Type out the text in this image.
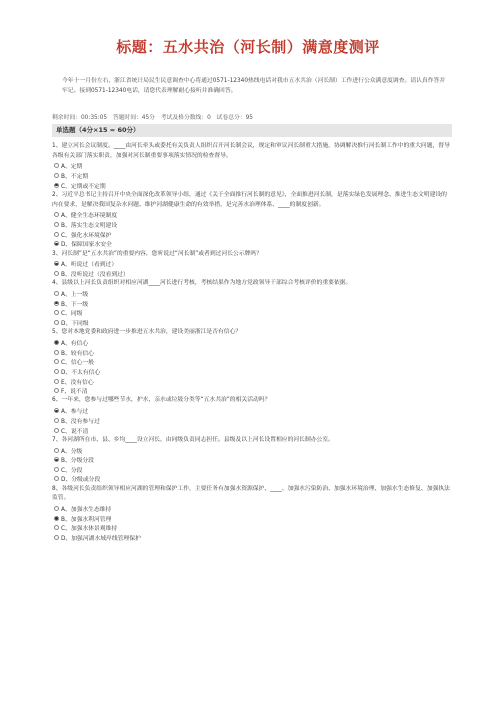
标题：五水共治（河长制）满意度测评
今年十一月份左右，浙江省统计局民生民意调查中心将通过0571-12340热线电话对我市五水共治（河长制）工作进行公众满意度调查。请认真作答并牢记。接到0571-12340电话，请您代表理解耐心接听并准确回答。
剩余时间：00:35:05　答题时间：45分　考试及格分数线：0　试卷总分：95
单选题（4分×15 = 60分）

1、建立河长会议制度。____由河长牵头或委托有关负责人组织召开河长制会议，规定和审议河长制重大措施，协调解决推行河长制工作中的重大问题，督导各级有关部门落实职责，加强对河长制重要事项落实情况的检查督导。

A、定期
B、不定期
C、定期或不定期

2、习近平总书记主持召开中央全面深化改革领导小组，通过《关于全面推行河长制的意见》，全面推进河长制，是落实绿色发展理念、推进生态文明建设的内在要求，是解决我国复杂水问题、维护河湖健康生命的有效举措，是完善水治理体系、____的制度创新。

A、健全生态环境制度
B、落实生态文明建设
C、强化水环境保护
D、保障国家水安全

3、河长制”是“五水共治”的重要内容，您听说过“河长制”或者到过河长公示牌吗？

A、听说过（看到过）
B、没听说过（没看到过）

4、县级以上河长负责组织对相应河湖____河长进行考核，考核结果作为地方党政领导干部综合考核评价的重要依据。

A、上一级
B、下一级
C、同级
D、下同级

5、您对本地党委和政府进一步推进五水共治，建设美丽浙江是否有信心？

A、有信心
B、较有信心
C、信心一般
D、不太有信心
E、没有信心
F、说不清

6、一年来，您参与过哪些节水，护水，亲水或垃圾分类等“五水共治”的相关活动吗？

A、参与过
B、没有参与过
C、说不清

7、各河湖所在市、县、乡均____设立河长，由同级负责同志担任。县级及以上河长设置相应的河长制办公室。

A、分级
B、分级分段
C、分段
D、分级或分段

8、各级河长负责组织领导相应河湖的管理和保护工作，主要任务有加强水资源保护、____、加强水污染防治、加强水环境治理、加强水生态修复、加强执法监管。

A、加强水生态维持
B、加强水利河管理
C、加强水体景观维持
D、加强河湖水域岸线管理保护
